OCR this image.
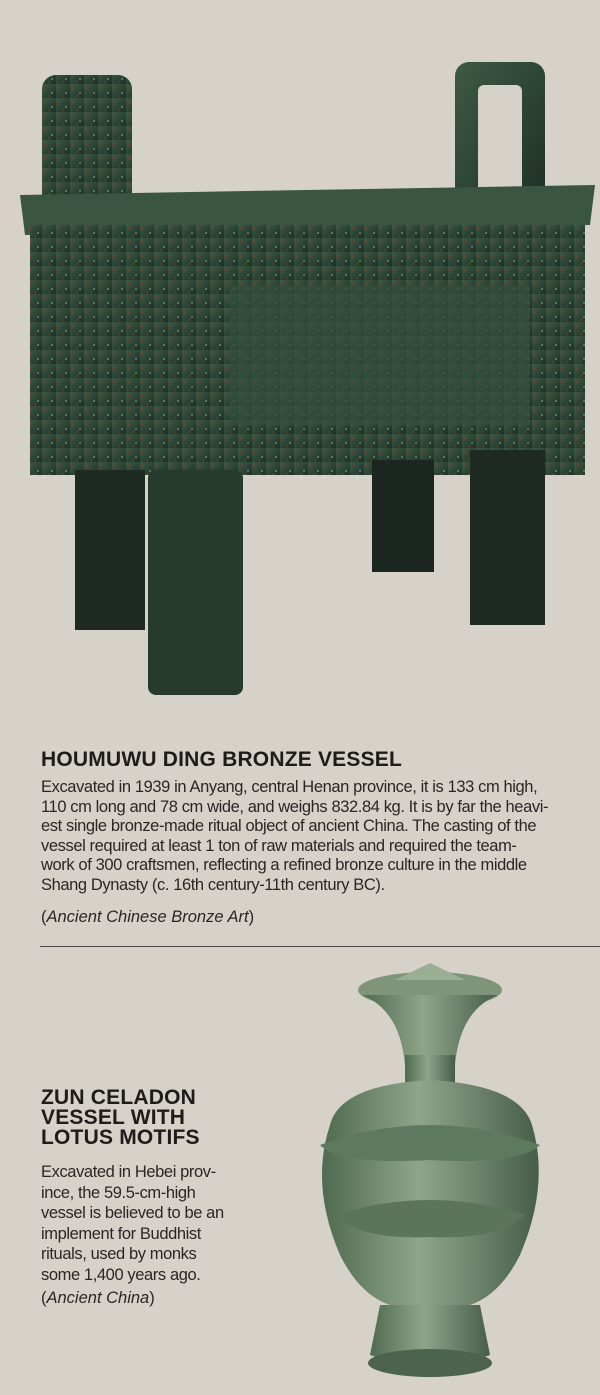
HOUMUWU DING BRONZE VESSEL
Excavated in 1939 in Anyang, central Henan province, it is 133 cm high,
110 cm long and 78 cm wide, and weighs 832.84 kg. It is by far the heavi-
est single bronze-made ritual object of ancient China. The casting of the
vessel required at least 1 ton of raw materials and required the team-
work of 300 craftsmen, reflecting a refined bronze culture in the middle
Shang Dynasty (c. 16th century-11th century BC).
(Ancient Chinese Bronze Art)
ZUN CELADON
VESSEL WITH
LOTUS MOTIFS
Excavated in Hebei prov-
ince, the 59.5-cm-high
vessel is believed to be an
implement for Buddhist
rituals, used by monks
some 1,400 years ago.
(Ancient China)
